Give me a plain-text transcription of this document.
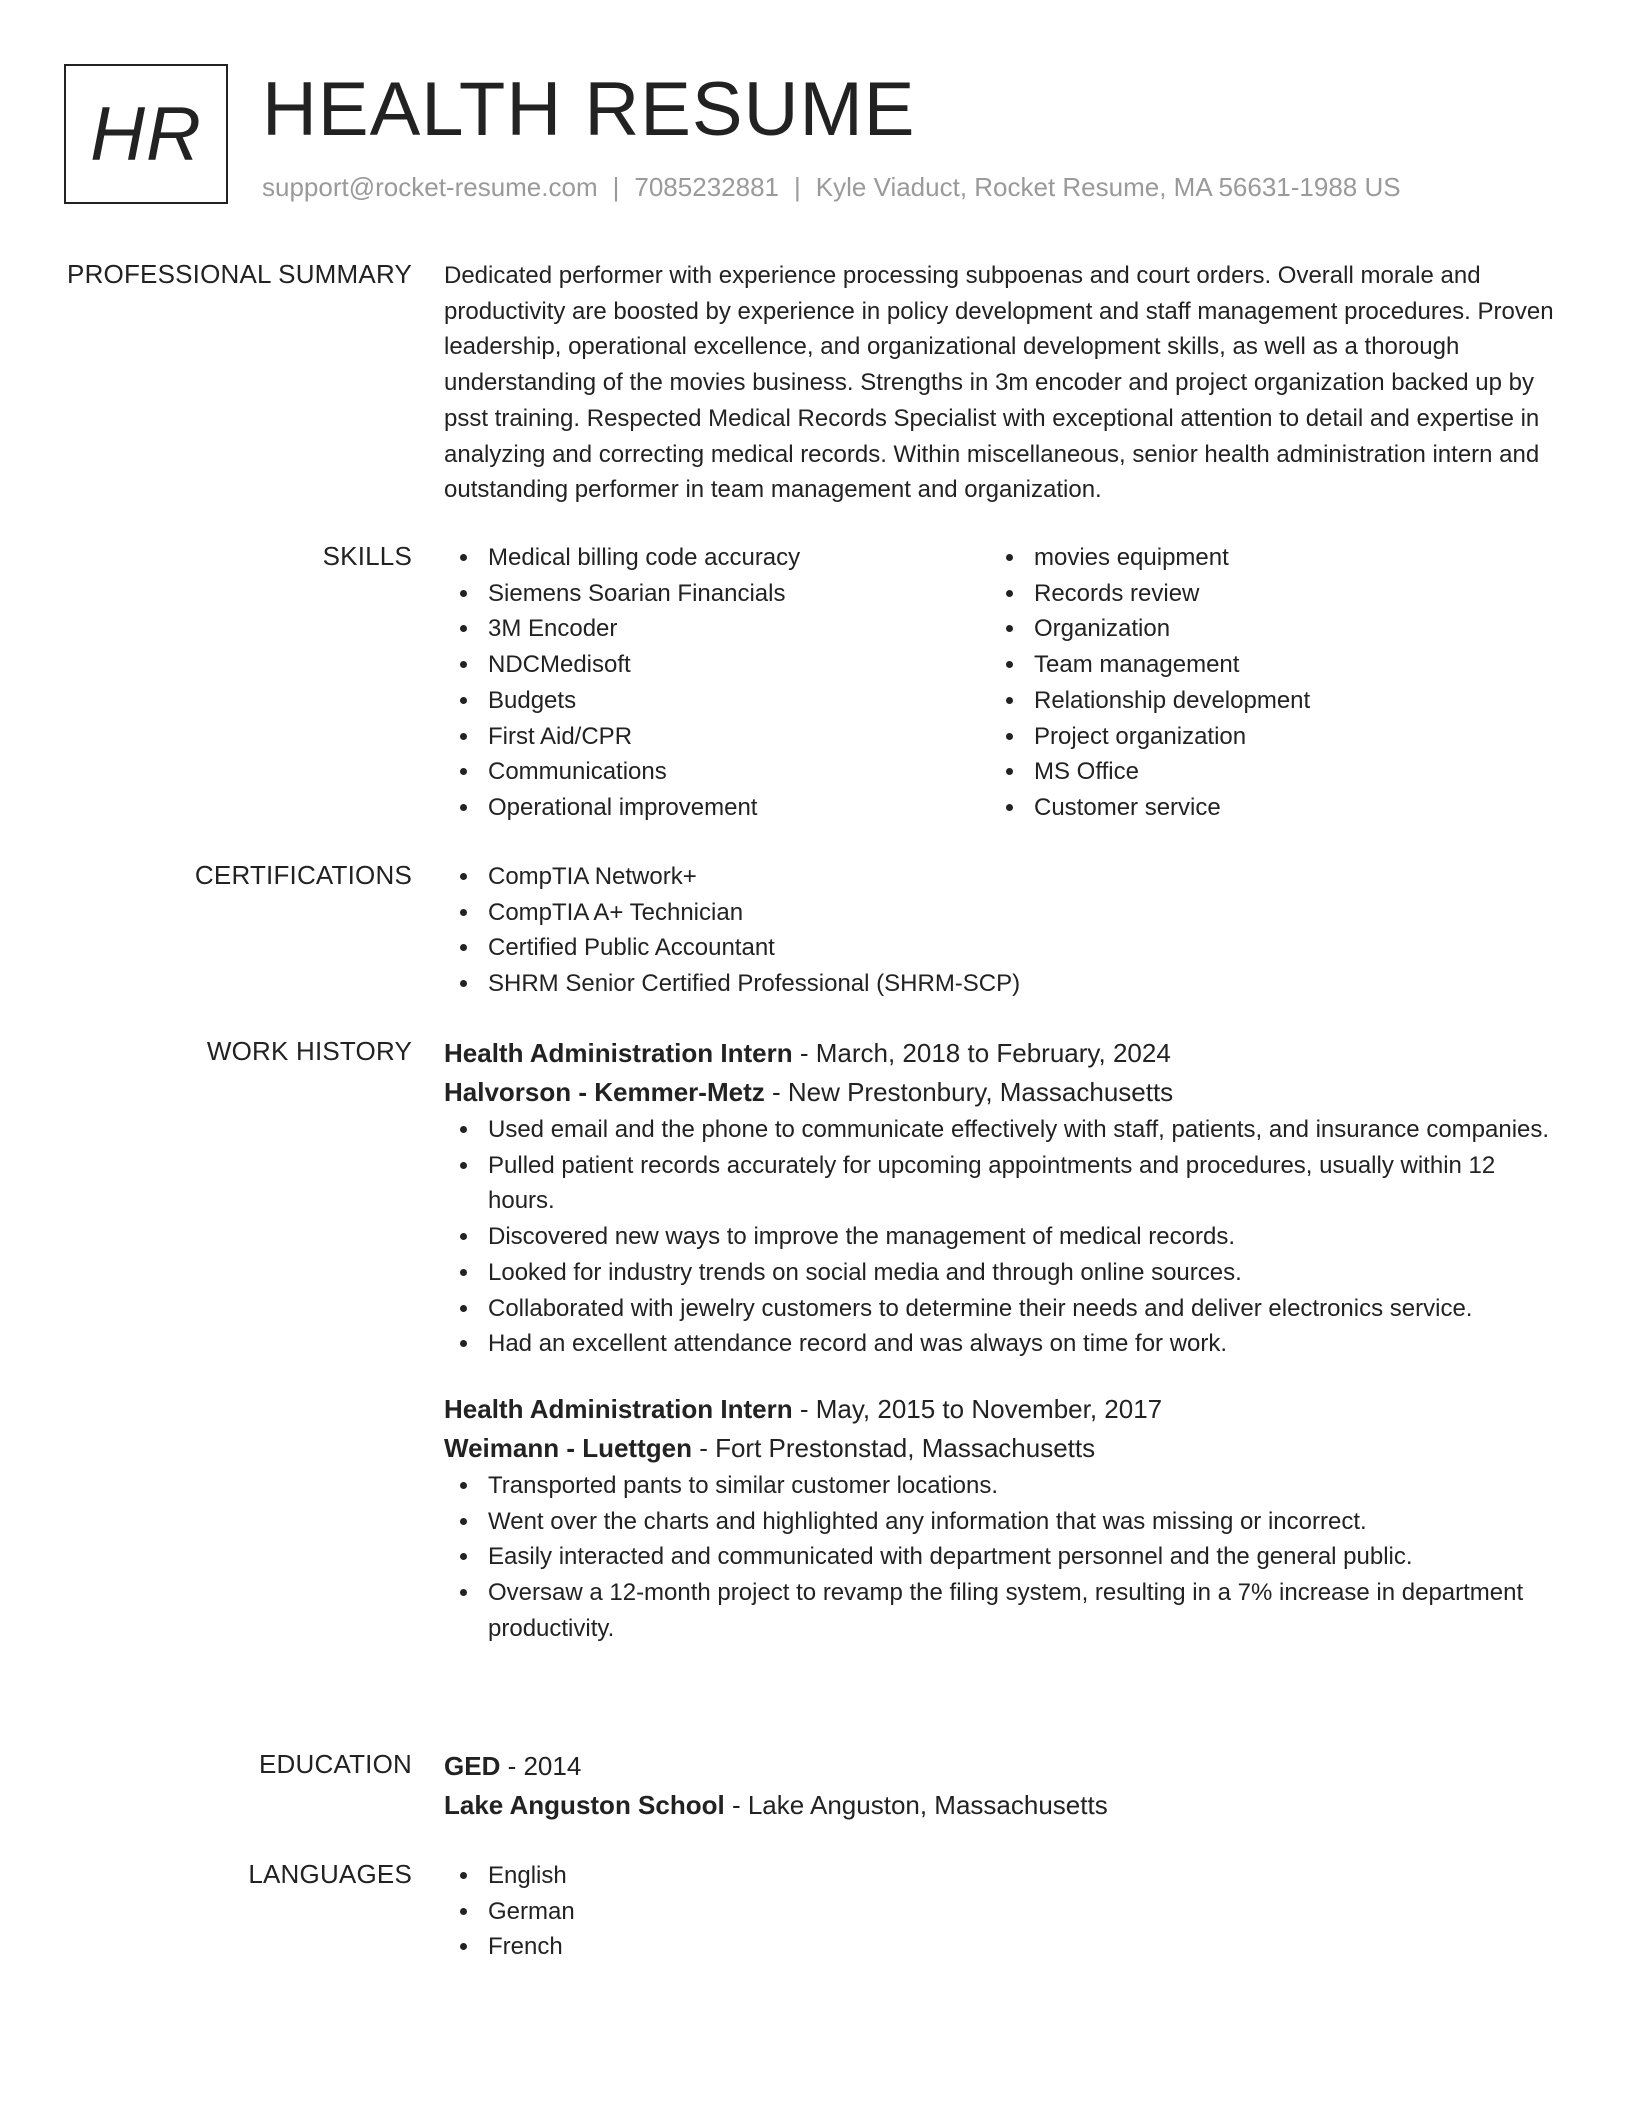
HR HEALTH RESUME
support@rocket-resume.com | 7085232881 | Kyle Viaduct, Rocket Resume, MA 56631-1988 US
PROFESSIONAL SUMMARY Dedicated performer with experience processing subpoenas and court orders. Overall morale and productivity are boosted by experience in policy development and staff management procedures. Proven leadership, operational excellence, and organizational development skills, as well as a thorough understanding of the movies business. Strengths in 3m encoder and project organization backed up by psst training. Respected Medical Records Specialist with exceptional attention to detail and expertise in analyzing and correcting medical records. Within miscellaneous, senior health administration intern and outstanding performer in team management and organization.

SKILLS	Medical billing code accuracy
Siemens Soarian Financials
3M Encoder
NDCMedisoft
Budgets
First Aid/CPR
Communications
Operational improvement
movies equipment
Records review
Organization
Team management
Relationship development
Project organization
MS Office
Customer service
CERTIFICATIONS	CompTIA Network+
CompTIA A+ Technician
Certified Public Accountant
SHRM Senior Certified Professional (SHRM-SCP)
WORK HISTORY Health Administration Intern - March, 2018 to February, 2024
Halvorson - Kemmer-Metz - New Prestonbury, Massachusetts
Used email and the phone to communicate effectively with staff, patients, and insurance companies.
Pulled patient records accurately for upcoming appointments and procedures, usually within 12 hours.
Discovered new ways to improve the management of medical records.
Looked for industry trends on social media and through online sources.
Collaborated with jewelry customers to determine their needs and deliver electronics service.
Had an excellent attendance record and was always on time for work.
Health Administration Intern - May, 2015 to November, 2017
Weimann - Luettgen - Fort Prestonstad, Massachusetts
Transported pants to similar customer locations.
Went over the charts and highlighted any information that was missing or incorrect.
Easily interacted and communicated with department personnel and the general public.
Oversaw a 12-month project to revamp the filing system, resulting in a 7% increase in department productivity.
EDUCATION GED - 2014
Lake Anguston School - Lake Anguston, Massachusetts
LANGUAGES	English
German
French
